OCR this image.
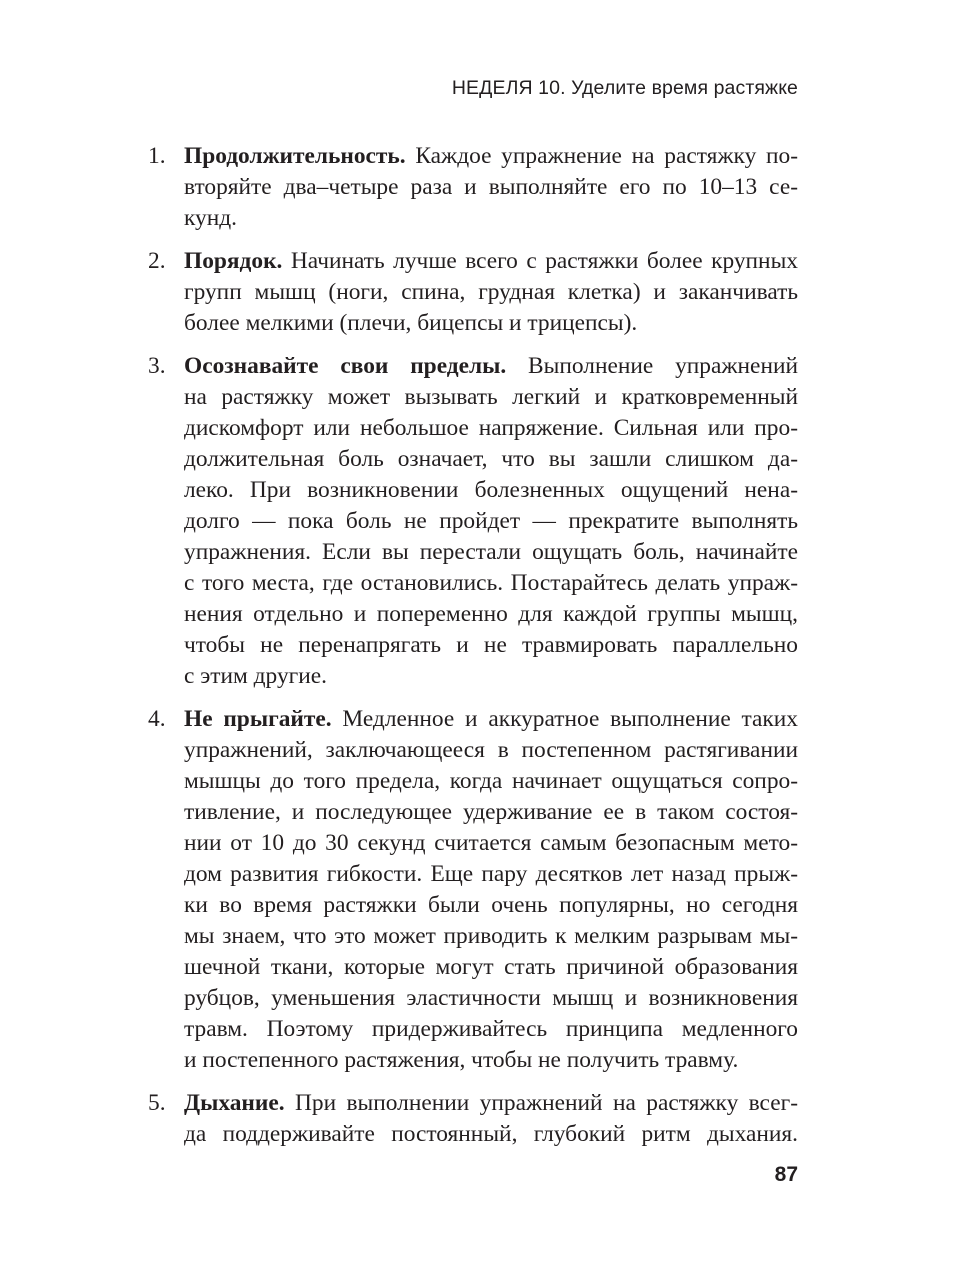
НЕДЕЛЯ 10. Уделите время растяжке
1. Продолжительность. Каждое упражнение на растяжку по-
вторяйте два–четыре раза и выполняйте его по 10–13 се-
кунд.
2. Порядок. Начинать лучше всего с растяжки более крупных
групп мышц (ноги, спина, грудная клетка) и заканчивать
более мелкими (плечи, бицепсы и трицепсы).
3. Осознавайте свои пределы. Выполнение упражнений
на растяжку может вызывать легкий и кратковременный
дискомфорт или небольшое напряжение. Сильная или про-
должительная боль означает, что вы зашли слишком да-
леко. При возникновении болезненных ощущений нена-
долго — пока боль не пройдет — прекратите выполнять
упражнения. Если вы перестали ощущать боль, начинайте
с того места, где остановились. Постарайтесь делать упраж-
нения отдельно и попеременно для каждой группы мышц,
чтобы не перенапрягать и не травмировать параллельно
с этим другие.
4. Не прыгайте. Медленное и аккуратное выполнение таких
упражнений, заключающееся в постепенном растягивании
мышцы до того предела, когда начинает ощущаться сопро-
тивление, и последующее удерживание ее в таком состоя-
нии от 10 до 30 секунд считается самым безопасным мето-
дом развития гибкости. Еще пару десятков лет назад прыж-
ки во время растяжки были очень популярны, но сегодня
мы знаем, что это может приводить к мелким разрывам мы-
шечной ткани, которые могут стать причиной образования
рубцов, уменьшения эластичности мышц и возникновения
травм. Поэтому придерживайтесь принципа медленного
и постепенного растяжения, чтобы не получить травму.
5. Дыхание. При выполнении упражнений на растяжку всег-
да поддерживайте постоянный, глубокий ритм дыхания.
87
